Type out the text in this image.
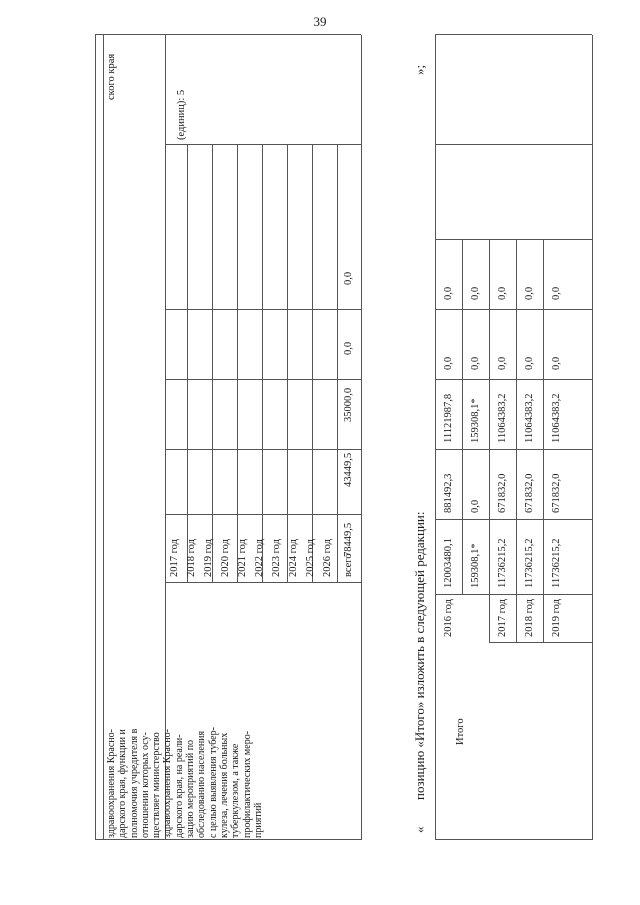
39
здравоохранения Красно- дарского края, функции и полномочия учредителя в отношении которых осу- ществляет министерство здравоохранения Красно- дарского края, на реали- зацию мероприятий по обследованию населения с целью выявления тубер- кулеза, лечения больных туберкулезом, а также профилактических меро- приятий
2017 год 2018 год 2019 год 2020 год 2021 год 2022 год 2023 год 2024 год 2025 год 2026 год всего
78449,5
43449,5
35000,0
0,0
0,0
(единиц): 5
ского края
«
позицию «Итого» изложить в следующей редакции:
»;
Итого
2016 год
12003480,1
881492,3
11121987,8
0,0
0,0
159308,1*
0,0
159308,1*
0,0
0,0
2017 год
11736215,2
671832,0
11064383,2
0,0
0,0
2018 год
11736215,2
671832,0
11064383,2
0,0
0,0
2019 год
11736215,2
671832,0
11064383,2
0,0
0,0
